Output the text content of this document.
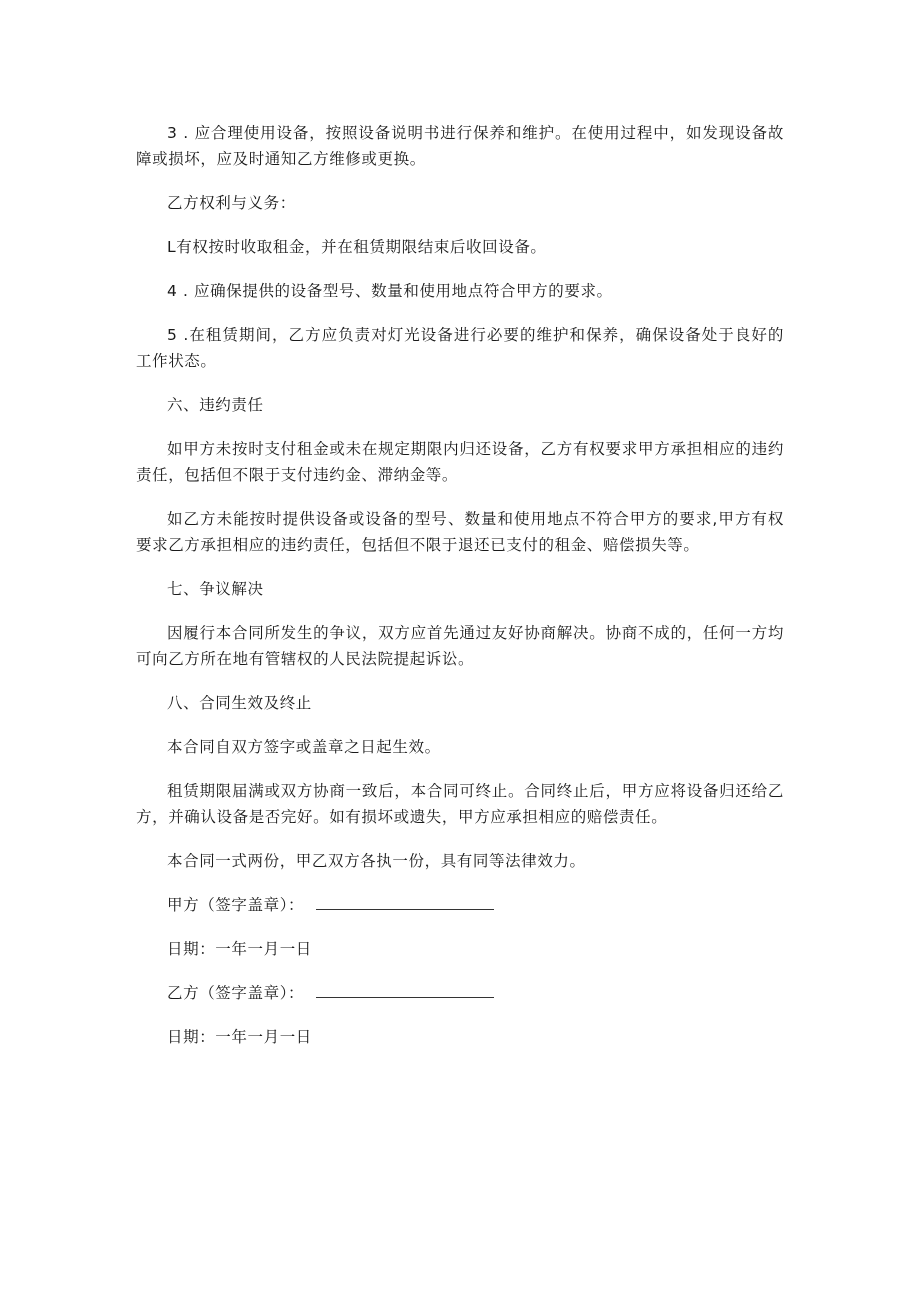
3 . 应合理使用设备，按照设备说明书进行保养和维护。在使用过程中，如发现设备故障或损坏，应及时通知乙方维修或更换。

乙方权利与义务：

L有权按时收取租金，并在租赁期限结束后收回设备。

4 . 应确保提供的设备型号、数量和使用地点符合甲方的要求。

5 .在租赁期间，乙方应负责对灯光设备进行必要的维护和保养，确保设备处于良好的工作状态。

六、违约责任

如甲方未按时支付租金或未在规定期限内归还设备，乙方有权要求甲方承担相应的违约责任，包括但不限于支付违约金、滞纳金等。

如乙方未能按时提供设备或设备的型号、数量和使用地点不符合甲方的要求,甲方有权要求乙方承担相应的违约责任，包括但不限于退还已支付的租金、赔偿损失等。

七、争议解决

因履行本合同所发生的争议，双方应首先通过友好协商解决。协商不成的，任何一方均可向乙方所在地有管辖权的人民法院提起诉讼。

八、合同生效及终止

本合同自双方签字或盖章之日起生效。

租赁期限届满或双方协商一致后，本合同可终止。合同终止后，甲方应将设备归还给乙方，并确认设备是否完好。如有损坏或遗失，甲方应承担相应的赔偿责任。

本合同一式两份，甲乙双方各执一份，具有同等法律效力。

甲方（签字盖章）：

日期：一年一月一日

乙方（签字盖章）：

日期：一年一月一日
